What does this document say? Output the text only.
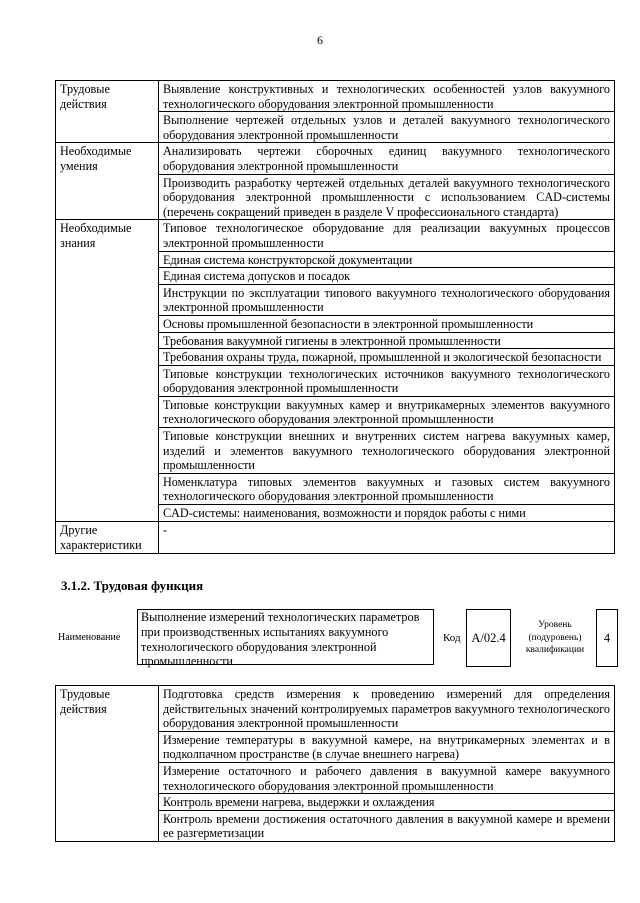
6
Трудовые действия	Выявление конструктивных и технологических особенностей узлов вакуумного технологического оборудования электронной промышленности
	Выполнение чертежей отдельных узлов и деталей вакуумного технологического оборудования электронной промышленности
Необходимые умения	Анализировать чертежи сборочных единиц вакуумного технологического оборудования электронной промышленности
	Производить разработку чертежей отдельных деталей вакуумного технологического оборудования электронной промышленности с использованием CAD-системы (перечень сокращений приведен в разделе V профессионального стандарта)
Необходимые знания	Типовое технологическое оборудование для реализации вакуумных процессов электронной промышленности
	Единая система конструкторской документации
	Единая система допусков и посадок
	Инструкции по эксплуатации типового вакуумного технологического оборудования электронной промышленности
	Основы промышленной безопасности в электронной промышленности
	Требования вакуумной гигиены в электронной промышленности
	Требования охраны труда, пожарной, промышленной и экологической безопасности
	Типовые конструкции технологических источников вакуумного технологического оборудования электронной промышленности
	Типовые конструкции вакуумных камер и внутрикамерных элементов вакуумного технологического оборудования электронной промышленности
	Типовые конструкции внешних и внутренних систем нагрева вакуумных камер, изделий и элементов вакуумного технологического оборудования электронной промышленности
	Номенклатура типовых элементов вакуумных и газовых систем вакуумного технологического оборудования электронной промышленности
	CAD-системы: наименования, возможности и порядок работы с ними
Другие характеристики	-
3.1.2. Трудовая функция
Наименование
Выполнение измерений технологических параметров при производственных испытаниях вакуумного технологического оборудования электронной промышленности
Код A/02.4
Уровень (подуровень) квалификации
4
Трудовые действия	Подготовка средств измерения к проведению измерений для определения действительных значений контролируемых параметров вакуумного технологического оборудования электронной промышленности
Измерение температуры в вакуумной камере, на внутрикамерных элементах и в подколпачном пространстве (в случае внешнего нагрева)
Измерение остаточного и рабочего давления в вакуумной камере вакуумного технологического оборудования электронной промышленности
Контроль времени нагрева, выдержки и охлаждения
Контроль времени достижения остаточного давления в вакуумной камере и времени ее разгерметизации
